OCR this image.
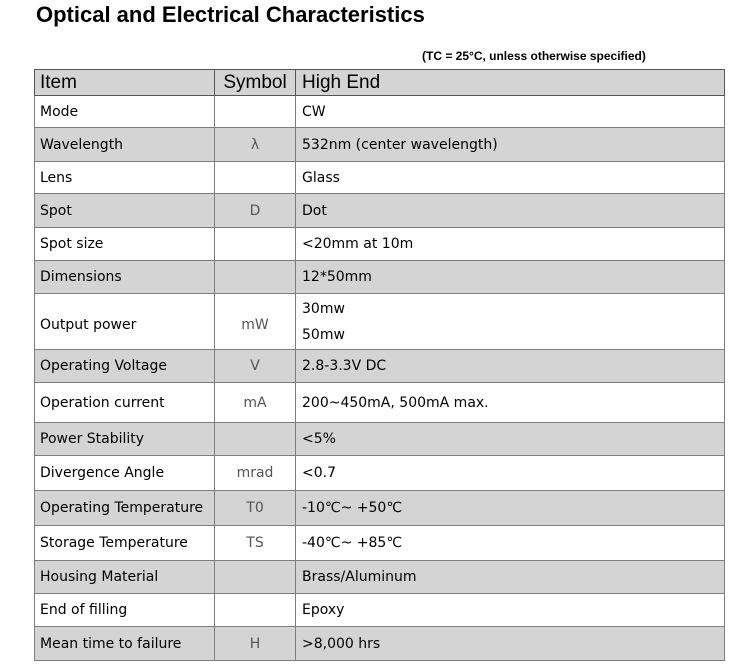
Optical and Electrical Characteristics
(TC = 25°C, unless otherwise specified)
Item	Symbol	High End
Mode		CW
Wavelength	λ	532nm (center wavelength)
Lens		Glass
Spot	D	Dot
Spot size		<20mm at 10m
Dimensions		12*50mm
Output power	mW	30mw
50mw

Operating Voltage	V	2.8-3.3V DC
Operation current	mA	200~450mA, 500mA max.
Power Stability		<5%
Divergence Angle	mrad	<0.7
Operating Temperature	T0	-10℃~ +50℃
Storage Temperature	TS	-40℃~ +85℃
Housing Material		Brass/Aluminum
End of filling		Epoxy
Mean time to failure	H	>8,000 hrs
